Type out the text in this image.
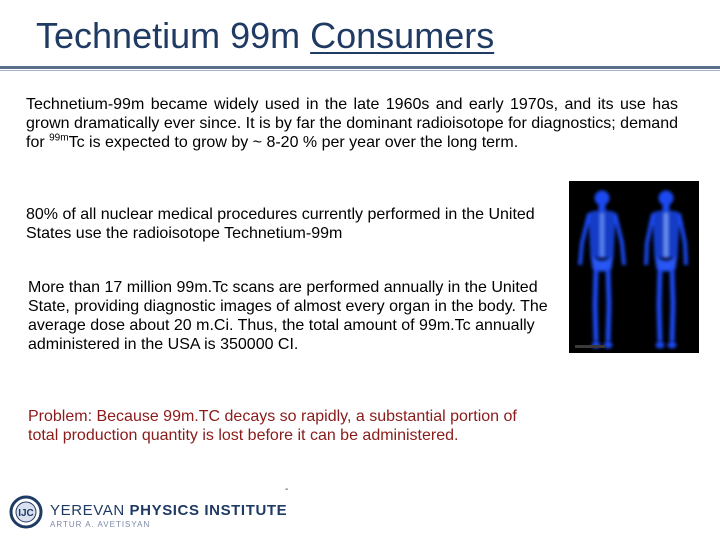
Technetium 99m Consumers
Technetium-99m became widely used in the late 1960s and early 1970s, and its use has grown dramatically ever since. It is by far the dominant radioisotope for diagnostics; demand for $^{99m}$Tc is expected to grow by ~ 8-20 % per year over the long term.
80% of all nuclear medical procedures currently performed in the United States use the radioisotope Technetium-99m
More than 17 million 99m.Tc scans are performed annually in the United State, providing diagnostic images of almost every organ in the body. The average dose about 20 m.Ci. Thus, the total amount of 99m.Tc annually administered in the USA is 350000 CI.
Problem: Because 99m.TC decays so rapidly, a substantial portion of total production quantity is lost before it can be administered.
IJC YEREVAN PHYSICS INSTITUTE
ARTUR A. AVETISYAN
-
